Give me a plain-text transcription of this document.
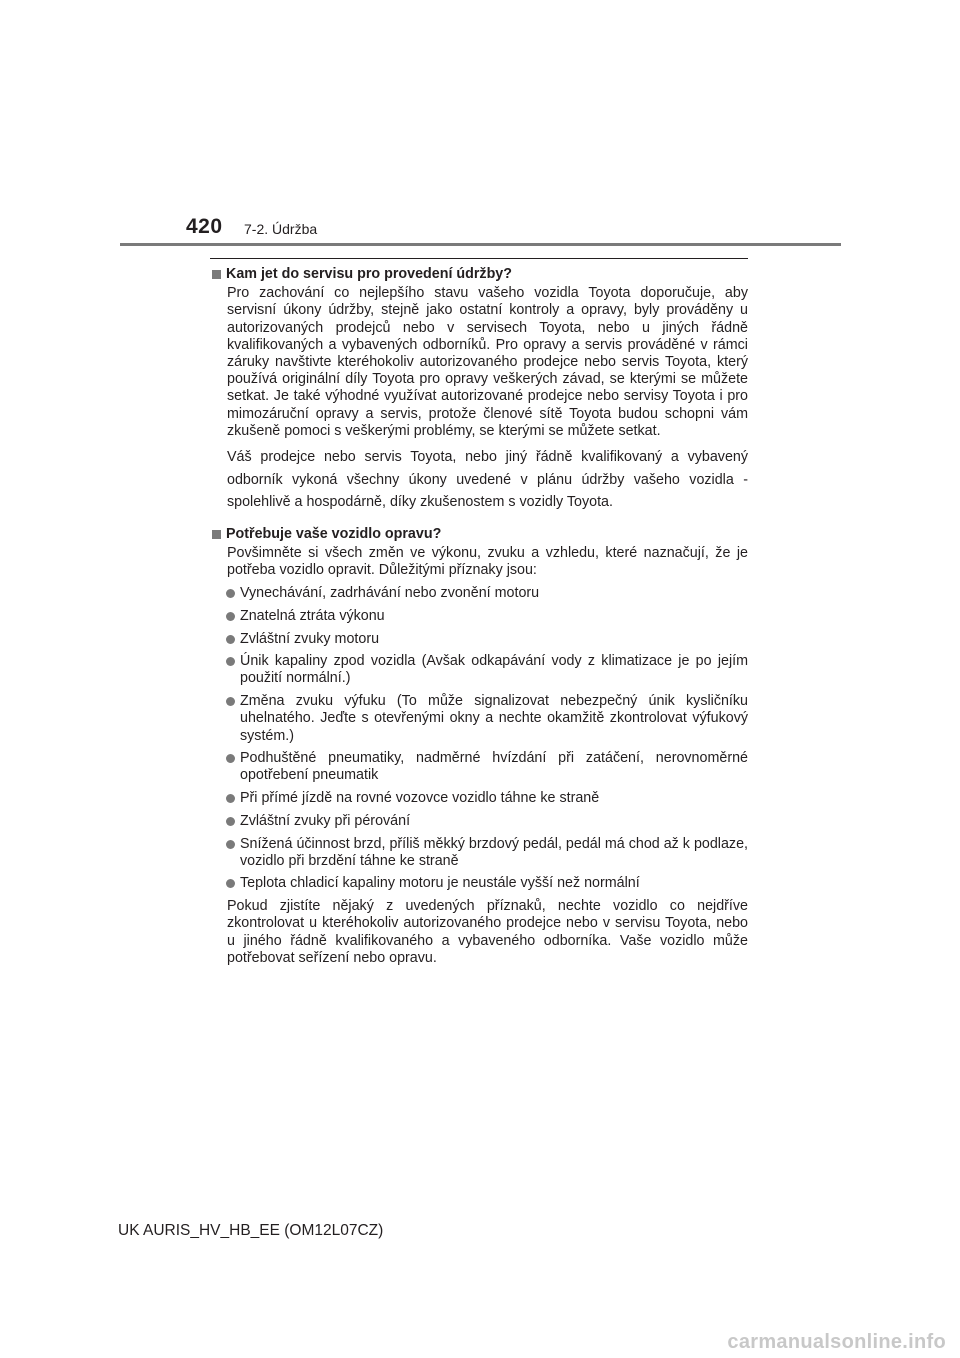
420 7-2. Údržba
Kam jet do servisu pro provedení údržby?

Pro zachování co nejlepšího stavu vašeho vozidla Toyota doporučuje, aby servisní úkony údržby, stejně jako ostatní kontroly a opravy, byly prováděny u autorizovaných prodejců nebo v servisech Toyota, nebo u jiných řádně kvalifikovaných a vybavených odborníků. Pro opravy a servis prováděné v rámci záruky navštivte kteréhokoliv autorizovaného prodejce nebo servis Toyota, který používá originální díly Toyota pro opravy veškerých závad, se kterými se můžete setkat. Je také výhodné využívat autorizované prodejce nebo servisy Toyota i pro mimozáruční opravy a servis, protože členové sítě Toyota budou schopni vám zkušeně pomoci s veškerými problémy, se kterými se můžete setkat.

Váš prodejce nebo servis Toyota, nebo jiný řádně kvalifikovaný a vybavený odborník vykoná všechny úkony uvedené v plánu údržby vašeho vozidla - spolehlivě a hospodárně, díky zkušenostem s vozidly Toyota.

Potřebuje vaše vozidlo opravu?

Povšimněte si všech změn ve výkonu, zvuku a vzhledu, které naznačují, že je potřeba vozidlo opravit. Důležitými příznaky jsou:

Vynechávání, zadrhávání nebo zvonění motoru
Znatelná ztráta výkonu
Zvláštní zvuky motoru
Únik kapaliny zpod vozidla (Avšak odkapávání vody z klimatizace je po jejím použití normální.)
Změna zvuku výfuku (To může signalizovat nebezpečný únik kysličníku uhelnatého. Jeďte s otevřenými okny a nechte okamžitě zkontrolovat výfukový systém.)
Podhuštěné pneumatiky, nadměrné hvízdání při zatáčení, nerovnoměrné opotřebení pneumatik
Při přímé jízdě na rovné vozovce vozidlo táhne ke straně
Zvláštní zvuky při pérování
Snížená účinnost brzd, příliš měkký brzdový pedál, pedál má chod až k podlaze, vozidlo při brzdění táhne ke straně
Teplota chladicí kapaliny motoru je neustále vyšší než normální

Pokud zjistíte nějaký z uvedených příznaků, nechte vozidlo co nejdříve zkontrolovat u kteréhokoliv autorizovaného prodejce nebo v servisu Toyota, nebo u jiného řádně kvalifikovaného a vybaveného odborníka. Vaše vozidlo může potřebovat seřízení nebo opravu.

UK AURIS_HV_HB_EE (OM12L07CZ)
carmanualsonline.info
